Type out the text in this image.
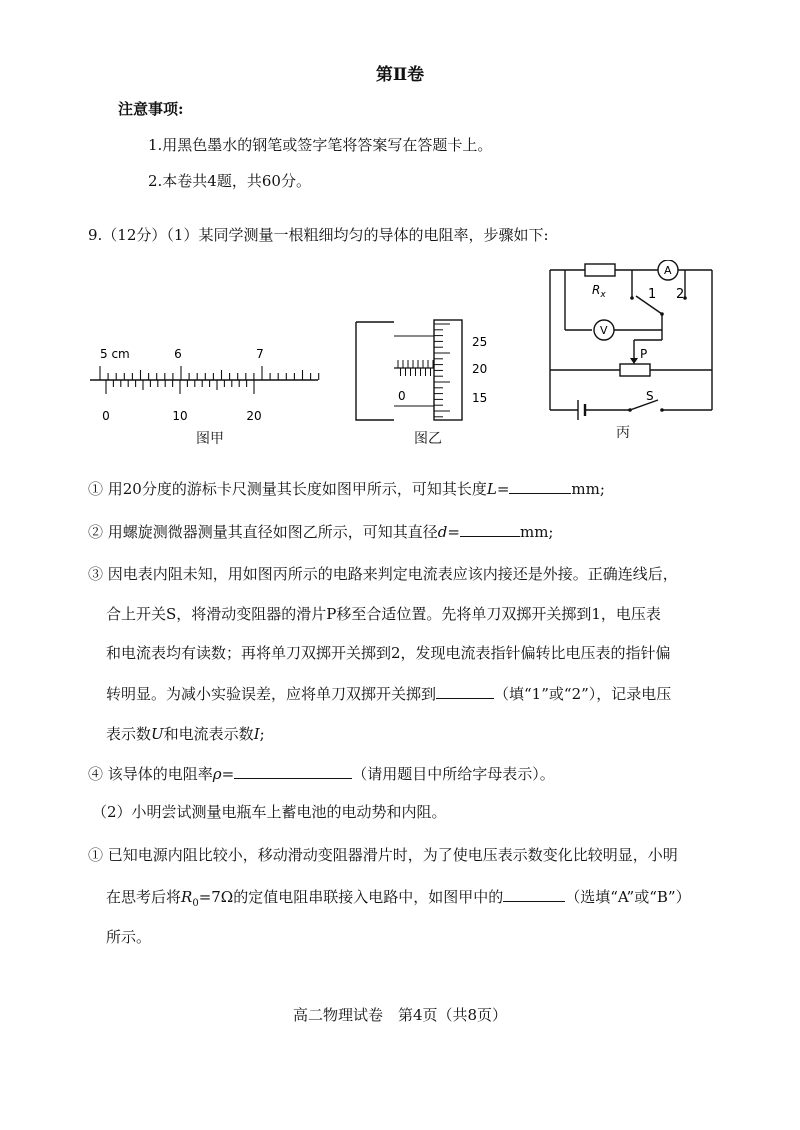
第Ⅱ卷
注意事项:
1.用黑色墨水的钢笔或签字笔将答案写在答题卡上。
2.本卷共4题，共60分。
9.（12分）（1）某同学测量一根粗细均匀的导体的电阻率，步骤如下:
5 cm	6	7
0	10	20
图甲
0
25
20
15
图乙
$R_x$
A
V
1 2
P
S
丙
① 用20分度的游标卡尺测量其长度如图甲所示，可知其长度L=	mm;
② 用螺旋测微器测量其直径如图乙所示，可知其直径d=	mm;
③ 因电表内阻未知，用如图丙所示的电路来判定电流表应该内接还是外接。正确连线后，
合上开关S，将滑动变阻器的滑片P移至合适位置。先将单刀双掷开关掷到1，电压表
和电流表均有读数；再将单刀双掷开关掷到2，发现电流表指针偏转比电压表的指针偏
转明显。为减小实验误差，应将单刀双掷开关掷到	（填“1”或“2”），记录电压
表示数U和电流表示数I;
④ 该导体的电阻率ρ=	（请用题目中所给字母表示）。
（2）小明尝试测量电瓶车上蓄电池的电动势和内阻。
① 已知电源内阻比较小，移动滑动变阻器滑片时，为了使电压表示数变化比较明显，小明
在思考后将$R_0=7\Omega$的定值电阻串联接入电路中，如图甲中的	（选填“A”或“B”）
所示。
高二物理试卷　第4页（共8页）
